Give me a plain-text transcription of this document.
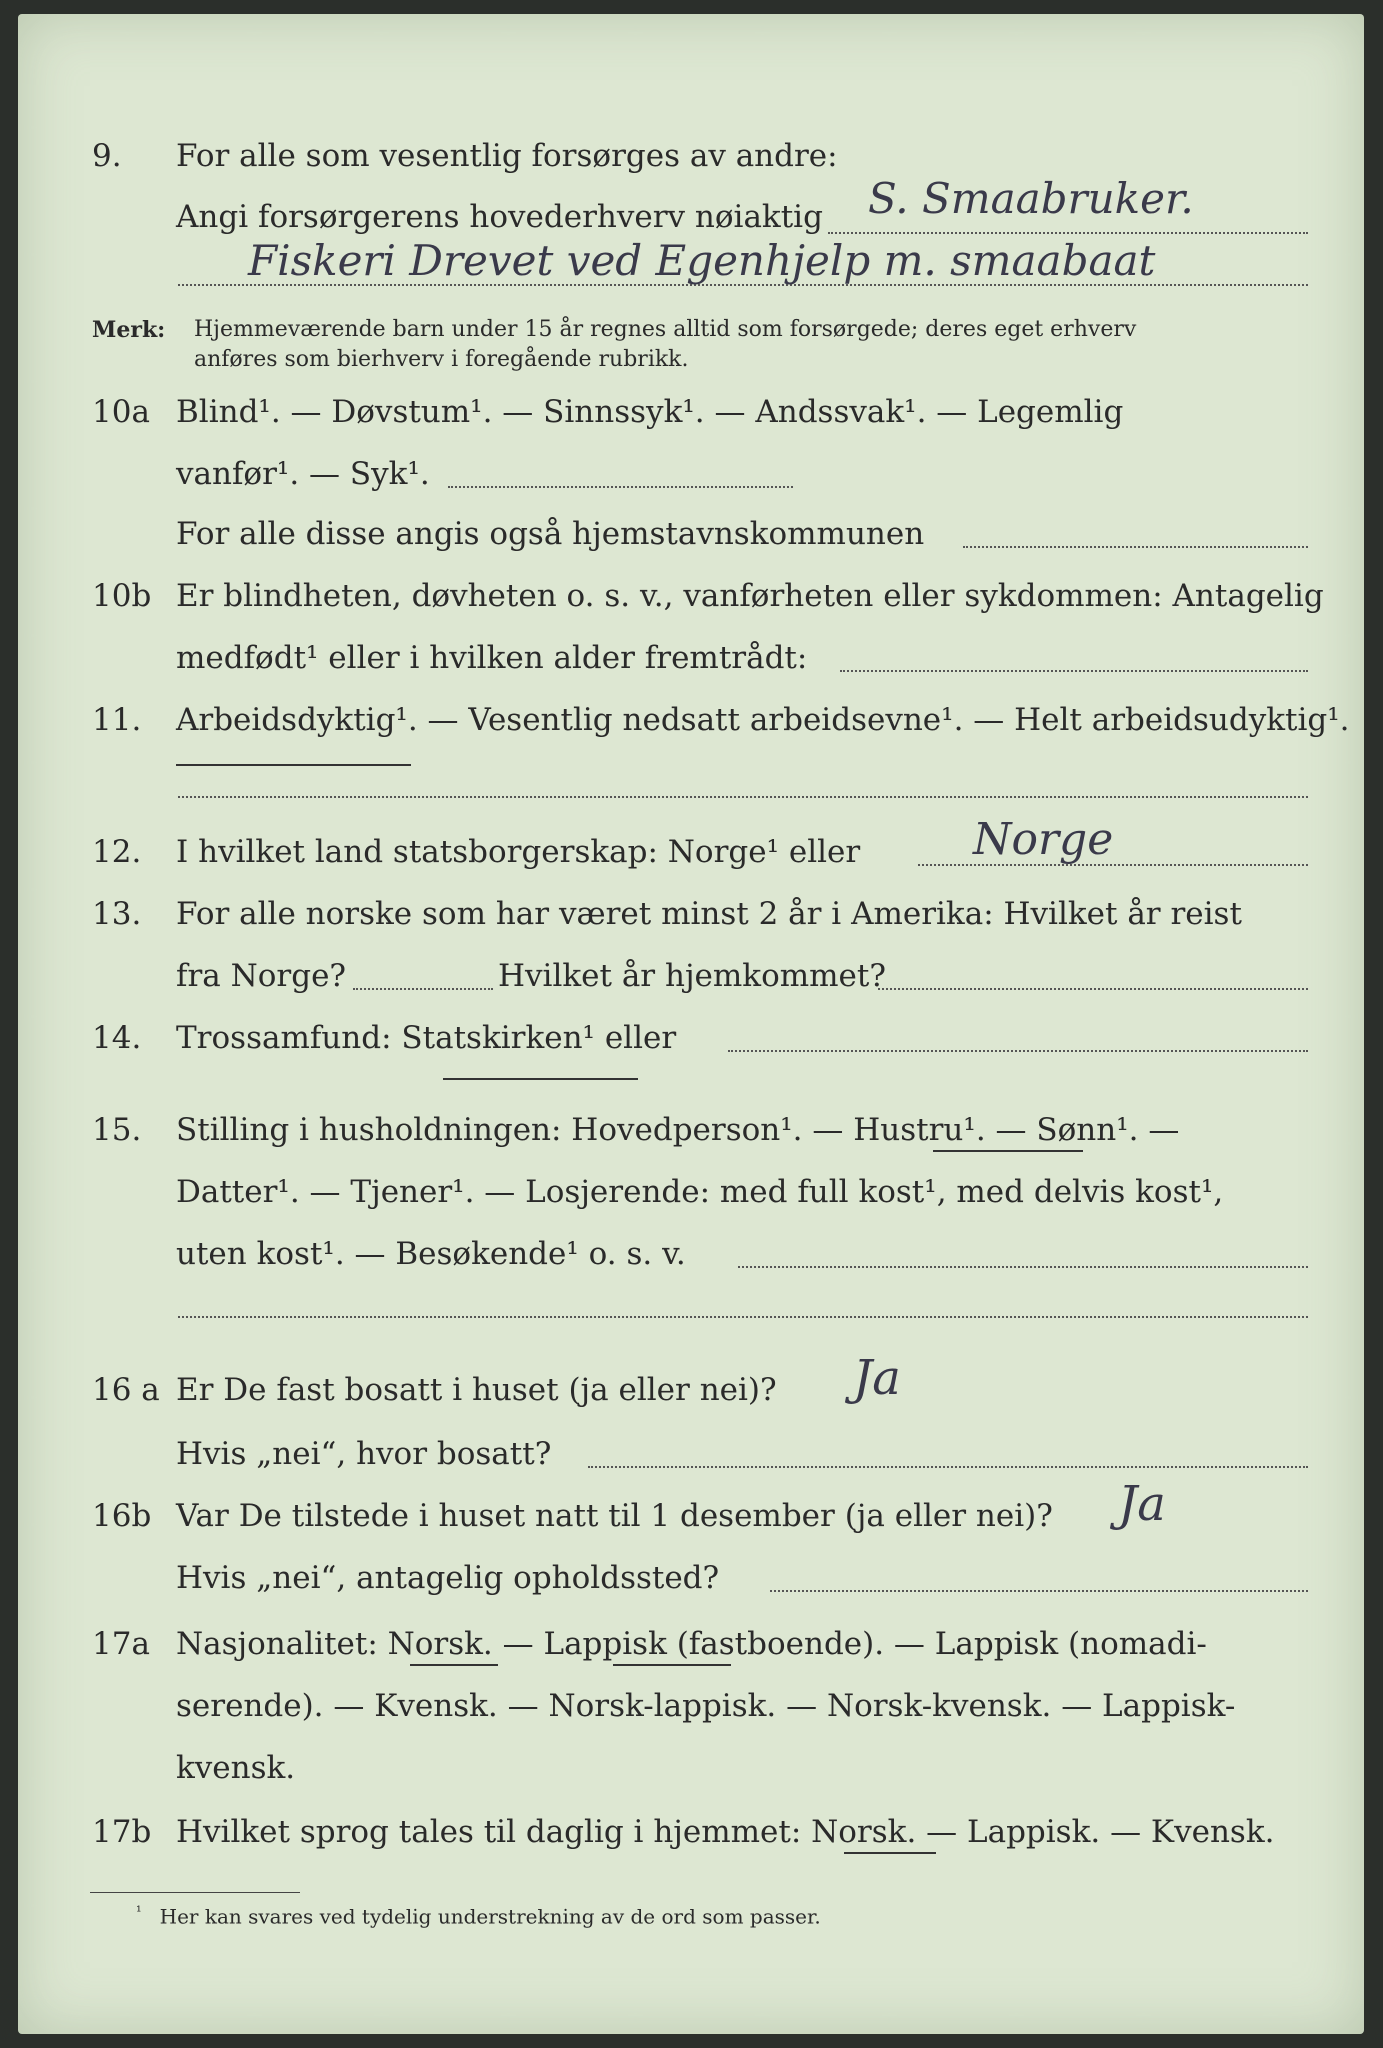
9. For alle som vesentlig forsørges av andre:
Angi forsørgerens hovederhverv nøiaktig S. Smaabruker.
Fiskeri Drevet ved Egenhjelp m. smaabaat
Merk: Hjemmeværende barn under 15 år regnes alltid som forsørgede; deres eget erhverv
anføres som bierhverv i foregående rubrikk.
10a Blind¹. — Døvstum¹. — Sinnssyk¹. — Andssvak¹. — Legemlig
vanfør¹. — Syk¹.
For alle disse angis også hjemstavnskommunen
10b Er blindheten, døvheten o. s. v., vanførheten eller sykdommen: Antagelig
medfødt¹ eller i hvilken alder fremtrådt:
11. Arbeidsdyktig¹. — Vesentlig nedsatt arbeidsevne¹. — Helt arbeidsudyktig¹.
12. I hvilket land statsborgerskap: Norge¹ eller	Norge
13. For alle norske som har været minst 2 år i Amerika: Hvilket år reist
fra Norge?	Hvilket år hjemkommet?
14. Trossamfund: Statskirken¹ eller
15. Stilling i husholdningen: Hovedperson¹. — Hustru¹. — Sønn¹. —
Datter¹. — Tjener¹. — Losjerende: med full kost¹, med delvis kost¹,
uten kost¹. — Besøkende¹ o. s. v.
16 a Er De fast bosatt i huset (ja eller nei)? Ja
Hvis „nei“, hvor bosatt?
16b Var De tilstede i huset natt til 1 desember (ja eller nei)? Ja
Hvis „nei“, antagelig opholdssted?
17a Nasjonalitet: Norsk. — Lappisk (fastboende). — Lappisk (nomadi-
serende). — Kvensk. — Norsk-lappisk. — Norsk-kvensk. — Lappisk-
kvensk.
17b Hvilket sprog tales til daglig i hjemmet: Norsk. — Lappisk. — Kvensk.
$^{^1}$ Her kan svares ved tydelig understrekning av de ord som passer.
